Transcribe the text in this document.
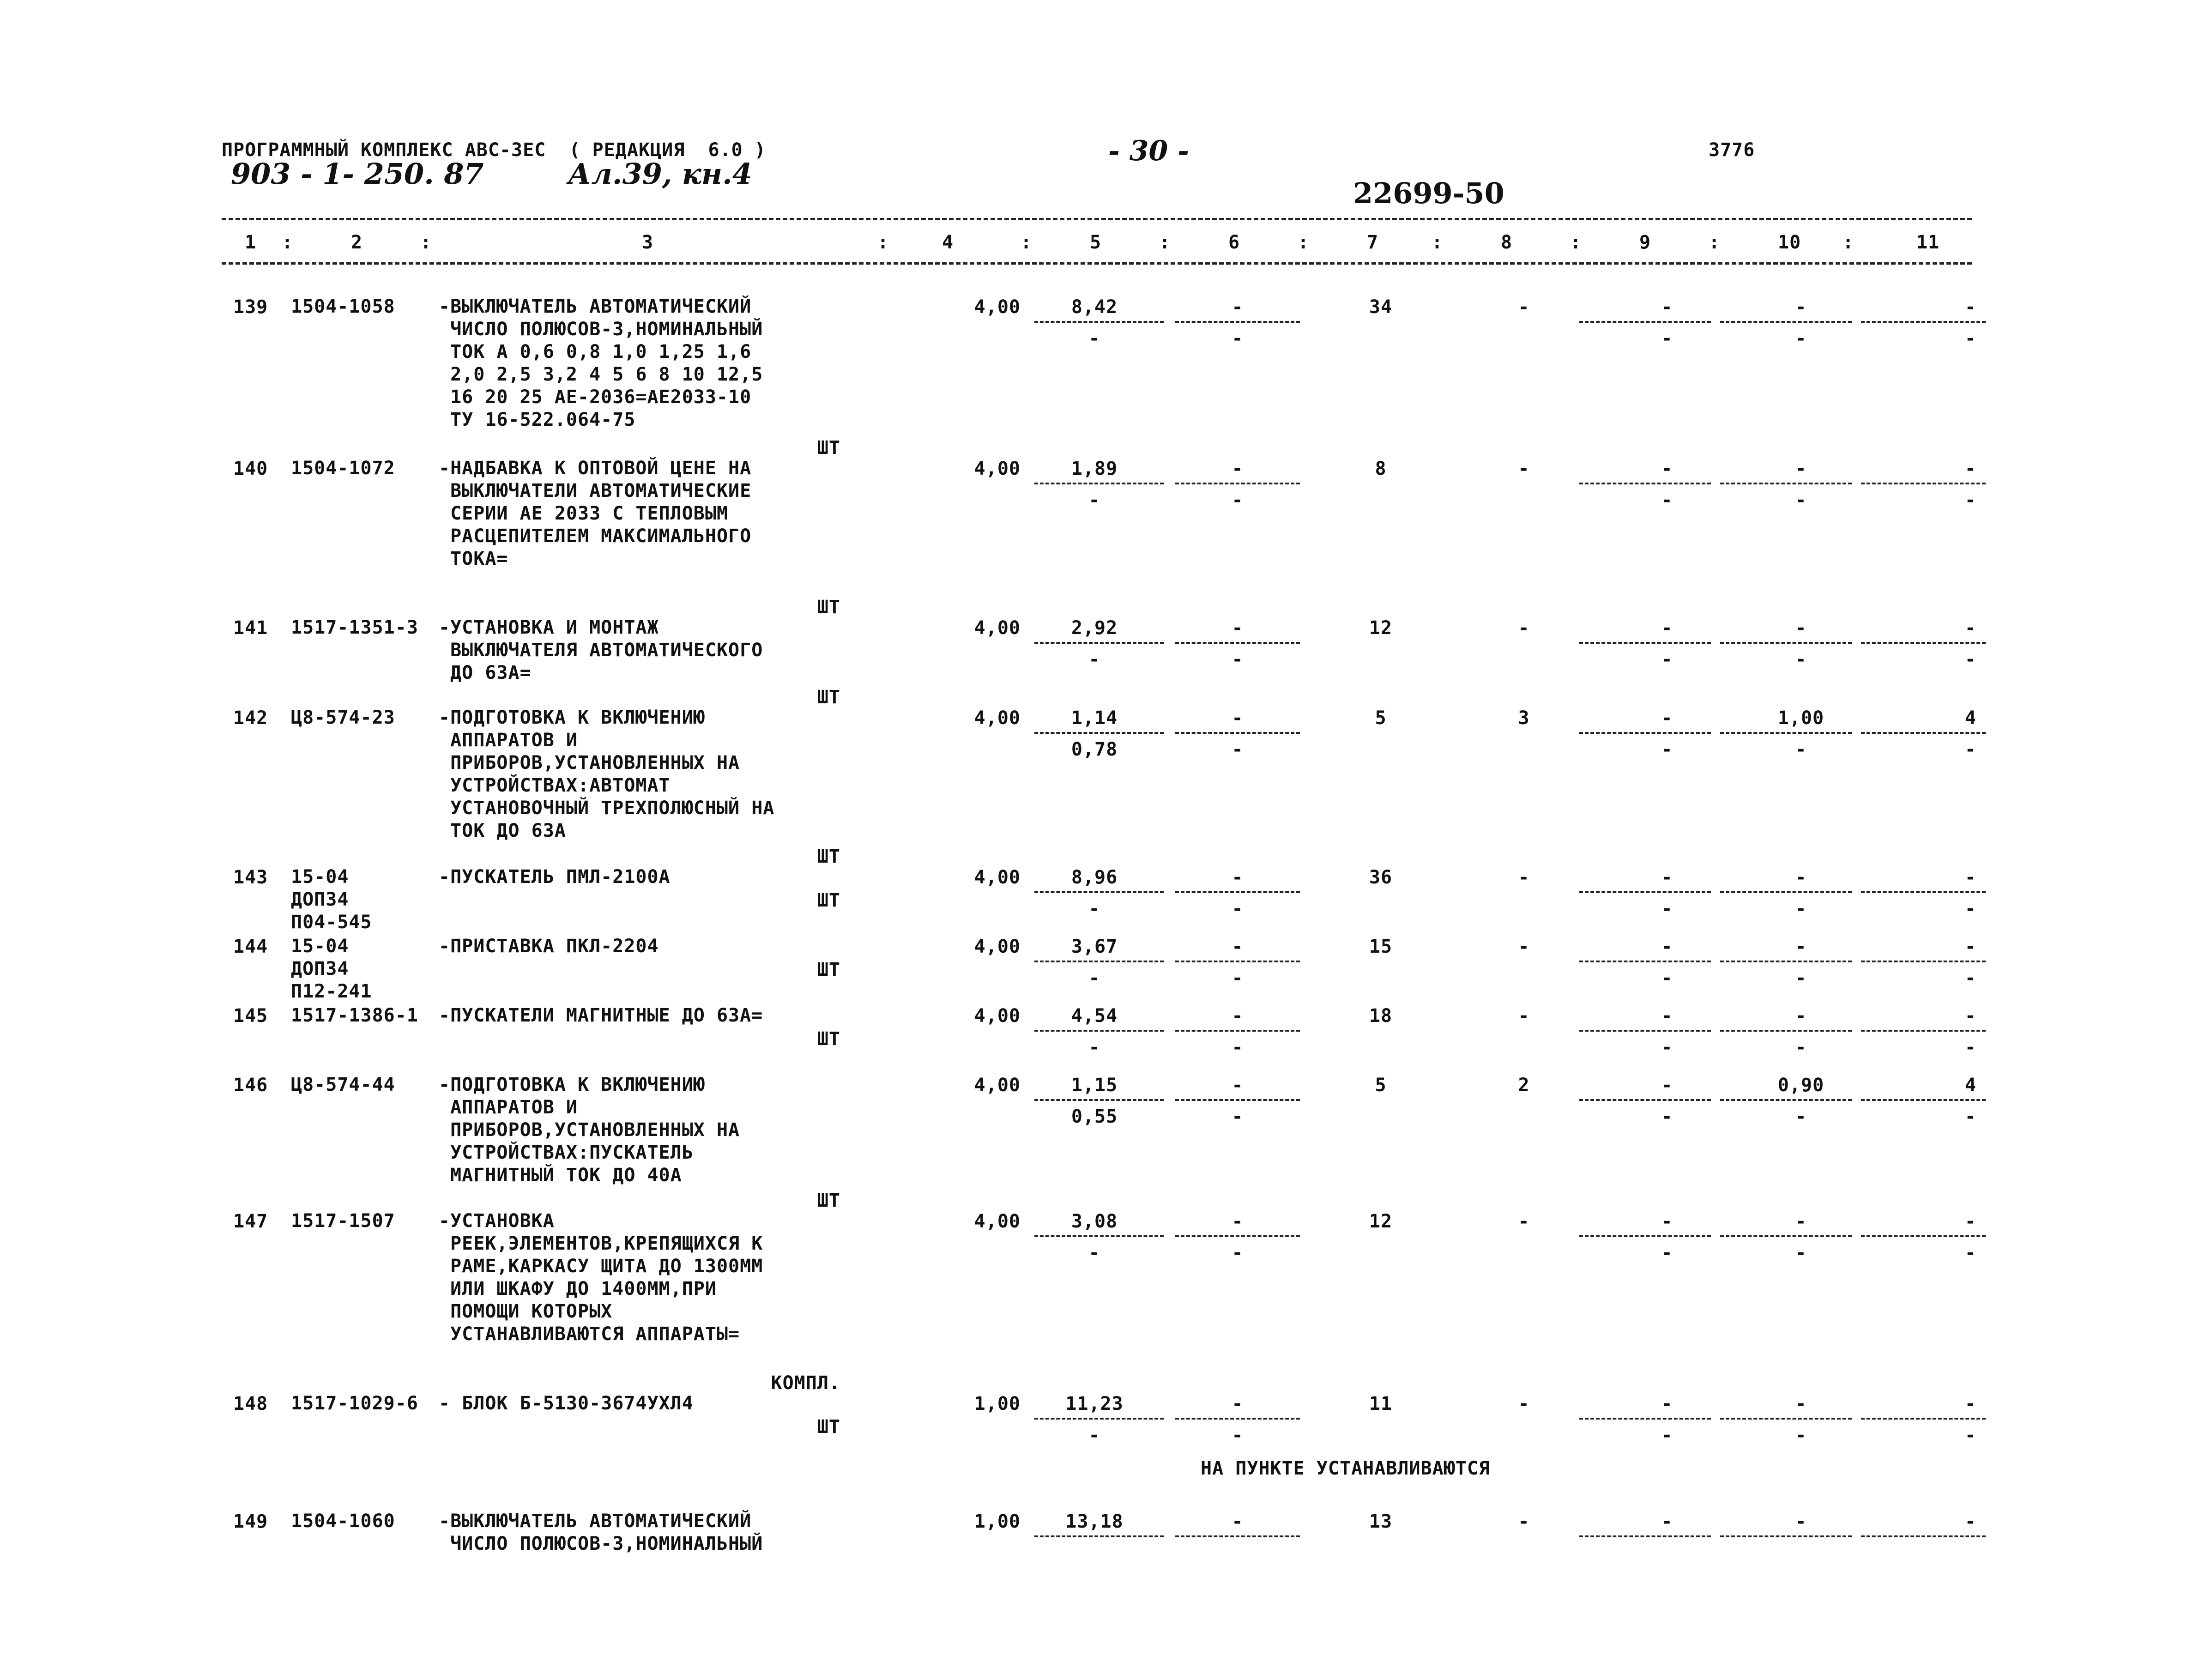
ПРОГРАММНЫЙ КОМПЛЕКС АВС-ЗЕС  ( РЕДАКЦИЯ  6.0 )	- 30 -	3776
903 - 1- 250. 87	Ал.39, кн.4
22699-50
1	2	3	4	5	6	7	8	9	10	11
:	:	:	:	:	:	:	:	:	:
139 1504-1058 -ВЫКЛЮЧАТЕЛЬ АВТОМАТИЧЕСКИЙ
ЧИСЛО ПОЛЮСОВ-3,НОМИНАЛЬНЫЙ
ТОК А 0,6 0,8 1,0 1,25 1,6
2,0 2,5 3,2 4 5 6 8 10 12,5
16 20 25 АЕ-2036=АЕ2033-10
ТУ 16-522.064-75
ШТ
4,00	8,42	-	34	-	-	-	-
-	-	-	-	-
140 1504-1072 -НАДБАВКА К ОПТОВОЙ ЦЕНЕ НА
ВЫКЛЮЧАТЕЛИ АВТОМАТИЧЕСКИЕ
СЕРИИ АЕ 2033 С ТЕПЛОВЫМ
РАСЦЕПИТЕЛЕМ МАКСИМАЛЬНОГО
ТОКА=
ШТ
4,00	1,89	-	8	-	-	-	-
-	-	-	-	-
141 1517-1351-3 -УСТАНОВКА И МОНТАЖ
ВЫКЛЮЧАТЕЛЯ АВТОМАТИЧЕСКОГО
ДО 63А=
ШТ
4,00	2,92	-	12	-	-	-	-
-	-	-	-	-
142 Ц8-574-23 -ПОДГОТОВКА К ВКЛЮЧЕНИЮ
АППАРАТОВ И
ПРИБОРОВ,УСТАНОВЛЕННЫХ НА
УСТРОЙСТВАХ:АВТОМАТ
УСТАНОВОЧНЫЙ ТРЕХПОЛЮСНЫЙ НА
ТОК ДО 63А
ШТ
4,00	1,14	-	5	3	-	1,00	4
0,78	-	-	-	-
143 15-04
ДОП34
П04-545
-ПУСКАТЕЛЬ ПМЛ-2100А
ШТ
4,00	8,96	-	36	-	-	-	-
-	-	-	-	-
144 15-04
ДОП34
П12-241
-ПРИСТАВКА ПКЛ-2204
ШТ
4,00	3,67	-	15	-	-	-	-
-	-	-	-	-
145 1517-1386-1 -ПУСКАТЕЛИ МАГНИТНЫЕ ДО 63А=
ШТ
4,00	4,54	-	18	-	-	-	-
-	-	-	-	-
146 Ц8-574-44 -ПОДГОТОВКА К ВКЛЮЧЕНИЮ
АППАРАТОВ И
ПРИБОРОВ,УСТАНОВЛЕННЫХ НА
УСТРОЙСТВАХ:ПУСКАТЕЛЬ
МАГНИТНЫЙ ТОК ДО 40А
ШТ
4,00	1,15	-	5	2	-	0,90	4
0,55	-	-	-	-
147 1517-1507 -УСТАНОВКА
РЕЕК,ЭЛЕМЕНТОВ,КРЕПЯЩИХСЯ К
РАМЕ,КАРКАСУ ЩИТА ДО 1300ММ
ИЛИ ШКАФУ ДО 1400ММ,ПРИ
ПОМОЩИ КОТОРЫХ
УСТАНАВЛИВАЮТСЯ АППАРАТЫ=
КОМПЛ.
4,00	3,08	-	12	-	-	-	-
-	-	-	-	-
148 1517-1029-6 - БЛОК Б-5130-3674УХЛ4
ШТ
1,00	11,23	-	11	-	-	-	-
-	-	-	-	-
149 1504-1060 -ВЫКЛЮЧАТЕЛЬ АВТОМАТИЧЕСКИЙ
ЧИСЛО ПОЛЮСОВ-3,НОМИНАЛЬНЫЙ
1,00	13,18	-	13	-	-	-	-
НА ПУНКТЕ УСТАНАВЛИВАЮТСЯ
